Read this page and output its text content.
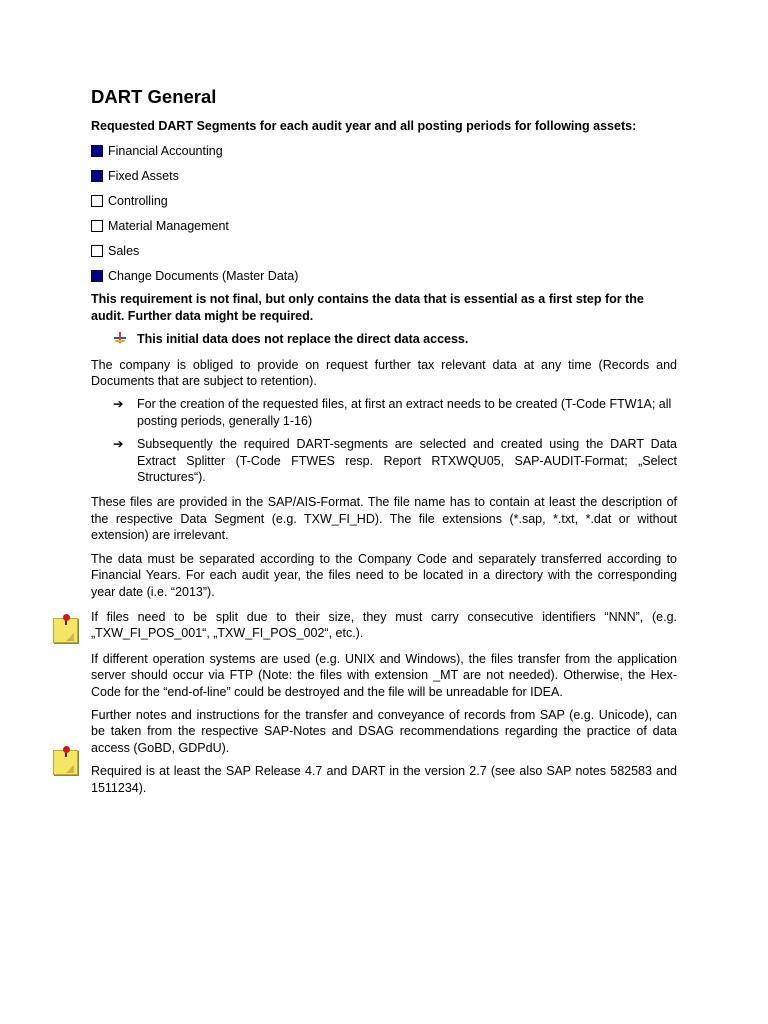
DART General

Requested DART Segments for each audit year and all posting periods for following assets:

Financial Accounting
Fixed Assets
Controlling
Material Management
Sales
Change Documents (Master Data)

This requirement is not final, but only contains the data that is essential as a first step for the audit. Further data might be required.

This initial data does not replace the direct data access.

The company is obliged to provide on request further tax relevant data at any time (Records and Documents that are subject to retention).

➔	For the creation of the requested files, at first an extract needs to be created (T-Code FTW1A; all posting periods, generally 1-16)
➔	Subsequently the required DART-segments are selected and created using the DART Data Extract Splitter (T-Code FTWES resp. Report RTXWQU05, SAP-AUDIT-Format; „Select Structures“).

These files are provided in the SAP/AIS-Format. The file name has to contain at least the description of the respective Data Segment (e.g. TXW_FI_HD). The file extensions (*.sap, *.txt, *.dat or without extension) are irrelevant.

The data must be separated according to the Company Code and separately transferred according to Financial Years. For each audit year, the files need to be located in a directory with the corresponding year date (i.e. “2013”).

If files need to be split due to their size, they must carry consecutive identifiers “NNN”, (e.g. „TXW_FI_POS_001“, „TXW_FI_POS_002“, etc.).

If different operation systems are used (e.g. UNIX and Windows), the files transfer from the application server should occur via FTP (Note: the files with extension _MT are not needed). Otherwise, the Hex-Code for the “end-of-line” could be destroyed and the file will be unreadable for IDEA.

Further notes and instructions for the transfer and conveyance of records from SAP (e.g. Unicode), can be taken from the respective SAP-Notes and DSAG recommendations regarding the practice of data access (GoBD, GDPdU).

Required is at least the SAP Release 4.7 and DART in the version 2.7 (see also SAP notes 582583 and 1511234).
